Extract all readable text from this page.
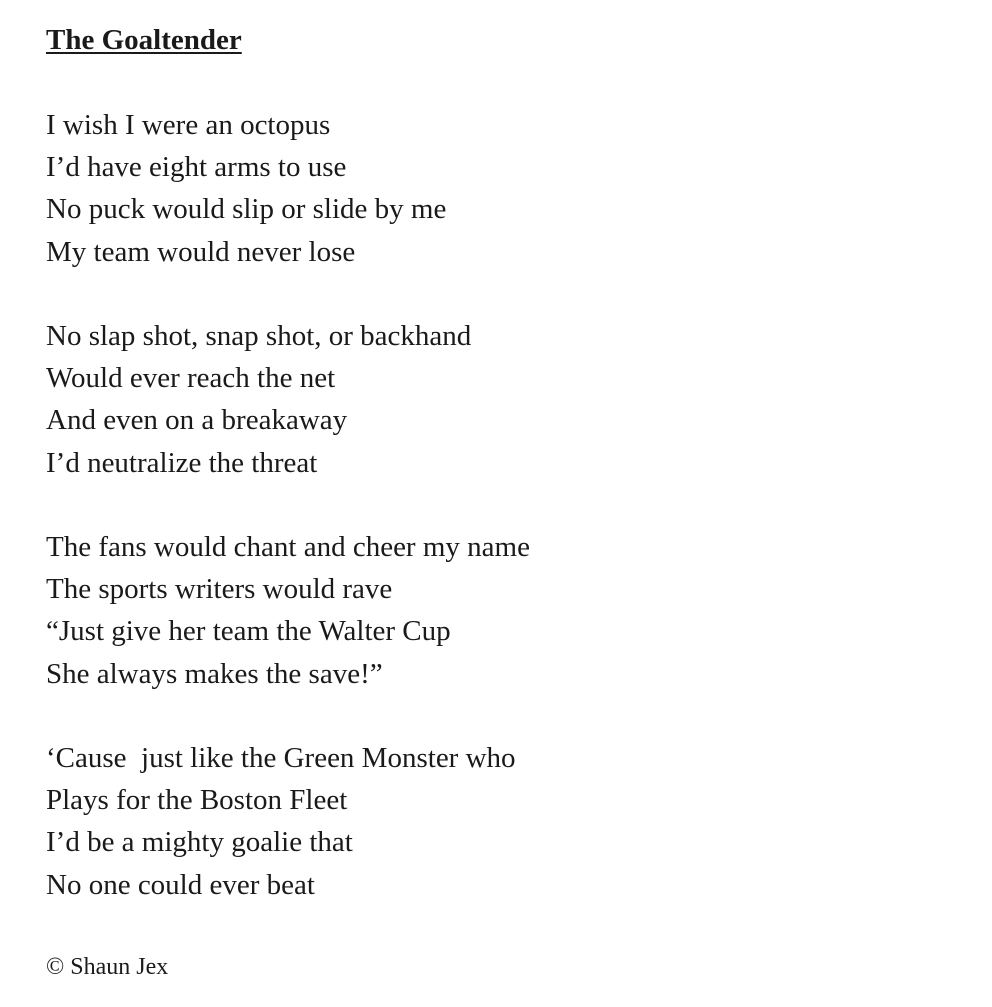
The Goaltender
I wish I were an octopus
I’d have eight arms to use
No puck would slip or slide by me
My team would never lose
No slap shot, snap shot, or backhand
Would ever reach the net
And even on a breakaway
I’d neutralize the threat
The fans would chant and cheer my name
The sports writers would rave
“Just give her team the Walter Cup
She always makes the save!”
‘Cause  just like the Green Monster who
Plays for the Boston Fleet
I’d be a mighty goalie that
No one could ever beat
© Shaun Jex
